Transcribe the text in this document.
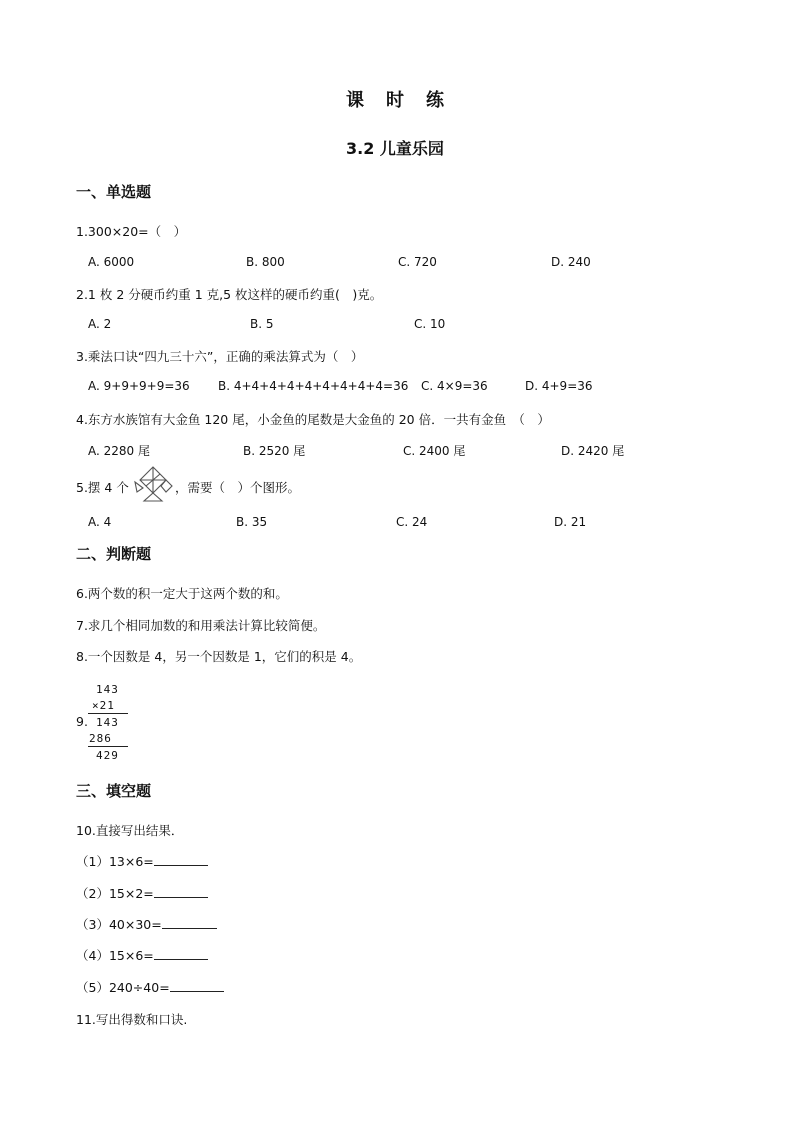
课　时　练
3.2 儿童乐园
一、单选题
1.300×20=（　）
A. 6000	B. 800	C. 720	D. 240
2.1 枚 2 分硬币约重 1 克,5 枚这样的硬币约重(　)克。
A. 2	B. 5	C. 10
3.乘法口诀“四九三十六”，正确的乘法算式为（　）
A. 9+9+9+9=36 B. 4+4+4+4+4+4+4+4+4=36 C. 4×9=36	D. 4+9=36
4.东方水族馆有大金鱼 120 尾，小金鱼的尾数是大金鱼的 20 倍．一共有金鱼　（　）
A. 2280 尾	B. 2520 尾	C. 2400 尾	D. 2420 尾
5.摆 4 个	，需要（　）个图形。
A. 4	B. 35	C. 24	D. 21
二、判断题
6.两个数的积一定大于这两个数的和。
7.求几个相同加数的和用乘法计算比较简便。
8.一个因数是 4，另一个因数是 1，它们的积是 4。
9.
143
×21
143
286
429
三、填空题
10.直接写出结果．
（1）13×6=
（2）15×2=
（3）40×30=
（4）15×6=
（5）240÷40=
11.写出得数和口诀.
